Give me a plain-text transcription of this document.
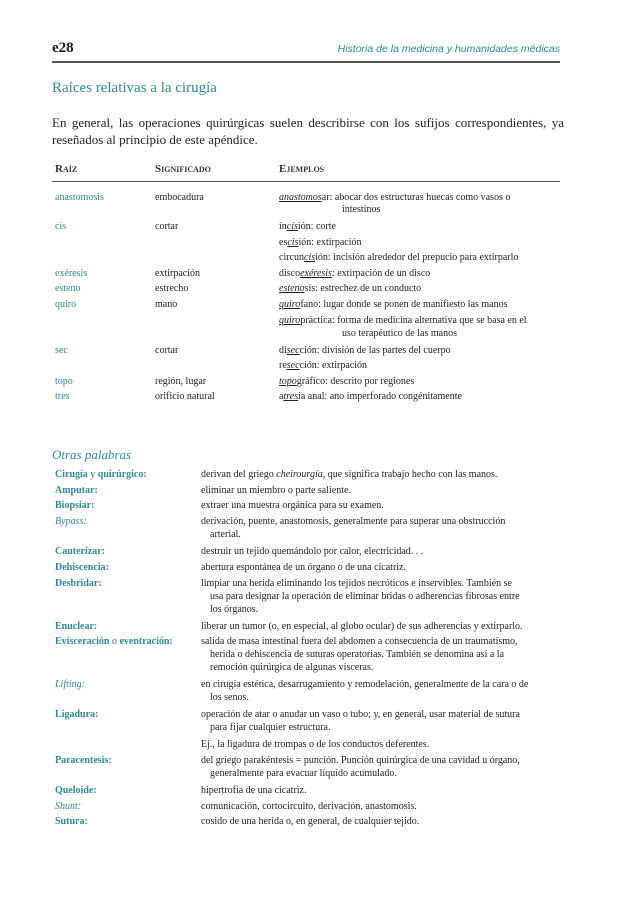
e28	Historia de la medicina y humanidades médicas
Raíces relativas a la cirugía

En general, las operaciones quirúrgicas suelen describirse con los sufijos correspondientes, ya reseñados al principio de este apéndice.

Raíz	Significado	Ejemplos
anastomosis	embocadura	anastomosar: abocar dos estructuras huecas como vasos o
intestinos
cis	cortar	incisión: corte
escisión: extirpación
circuncisión: incisión alrededor del prepucio para extirparlo
exéresis	extirpación	discoexéresis: extirpación de un disco
esteno	estrecho	estenosis: estrechez de un conducto
quiro	mano	quirofano: lugar donde se ponen de manifiesto las manos
quiropráctica: forma de medicina alternativa que se basa en el
uso terapéutico de las manos
sec	cortar	disección: división de las partes del cuerpo
resección: extirpación
topo	región, lugar	topográfico: descrito por regiones
tres	orificio natural	atresia anal: ano imperforado congénitamente
Otras palabras
Cirugía y quirúrgico:	derivan del griego cheirourgía, que significa trabajo hecho con las manos.
Amputar:	eliminar un miembro o parte saliente.
Biopsiar:	extraer una muestra orgánica para su examen.
Bypass:	derivación, puente, anastomosis, generalmente para superar una obstrucción
arterial.
Cauterizar:	destruir un tejido quemándolo por calor, electricidad. . .
Dehiscencia:	abertura espontánea de un órgano o de una cicatriz.
Desbridar:	limpiar una herida eliminando los tejidos necróticos e inservibles. También se
usa para designar la operación de eliminar bridas o adherencias fibrosas entre
los órganos.
Enuclear:	liberar un tumor (o, en especial, al globo ocular) de sus adherencias y extirparlo.
Evisceración o eventración:	salida de masa intestinal fuera del abdomen a consecuencia de un traumatismo,
herida o dehiscencia de suturas operatorias. También se denomina así a la
remoción quirúrgica de algunas vísceras.
Lifting:	en cirugía estética, desarrugamiento y remodelación, generalmente de la cara o de
los senos.
Ligadura:	operación de atar o anudar un vaso o tubo; y, en general, usar material de sutura
para fijar cualquier estructura.
Ej., la ligadura de trompas o de los conductos deferentes.
Paracentesis:	del griego parakéntesis = punción. Punción quirúrgica de una cavidad u órgano,
generalmente para evacuar líquido acumulado.
Queloide:	hipertrofia de una cicatriz.
Shunt:	comunicación, cortocircuito, derivación, anastomosis.
Sutura:	cosido de una herida o, en general, de cualquier tejido.
